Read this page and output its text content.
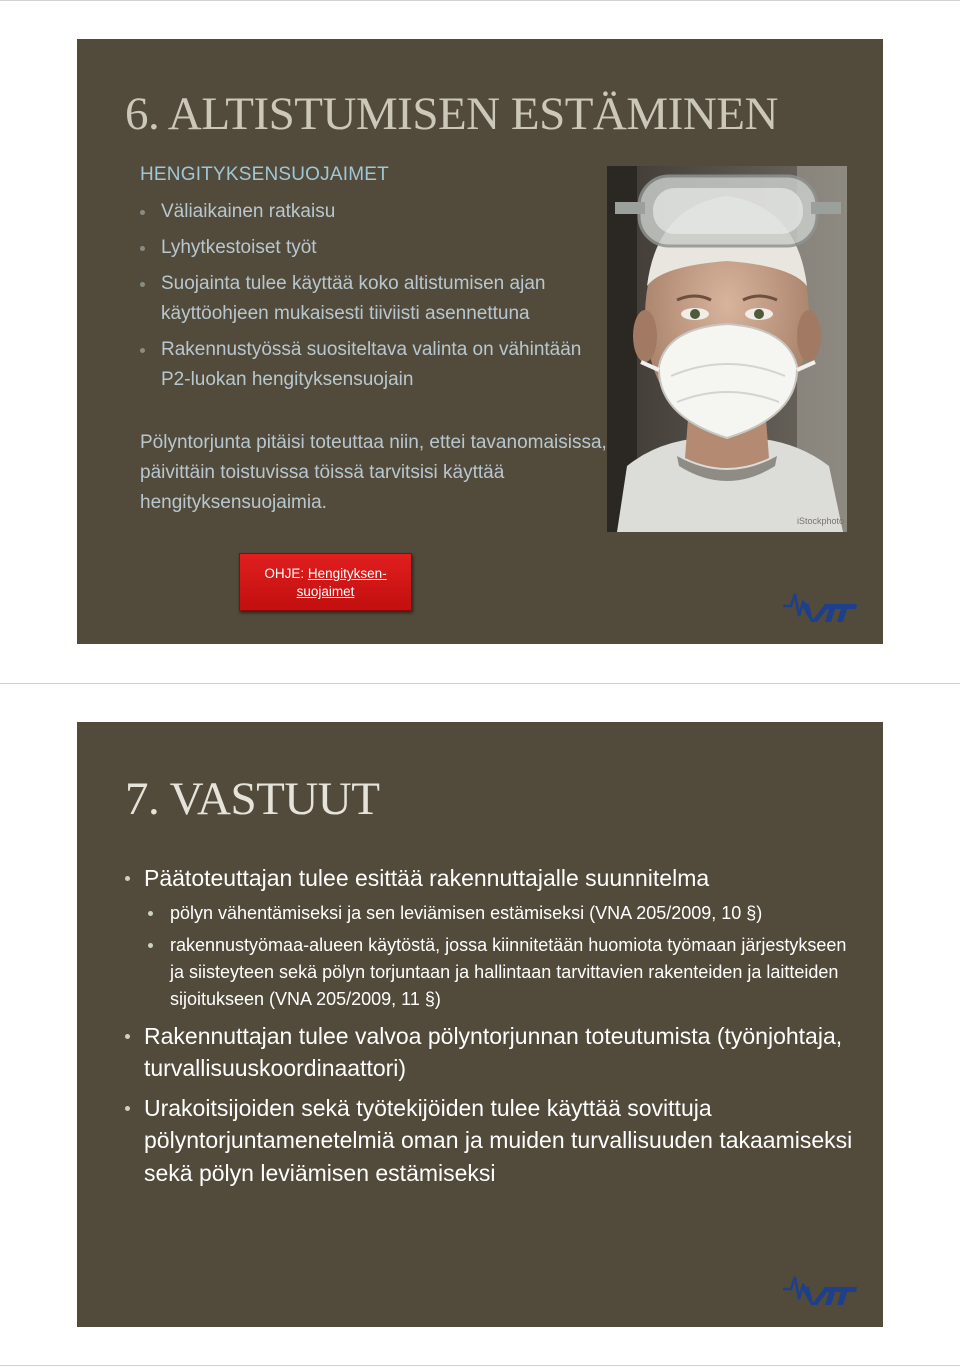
6. ALTISTUMISEN ESTÄMINEN
HENGITYKSENSUOJAIMET
Väliaikainen ratkaisu
Lyhytkestoiset työt
Suojainta tulee käyttää koko altistumisen ajan käyttöohjeen mukaisesti tiiviisti asennettuna
Rakennustyössä suositeltava valinta on vähintään P2-luokan hengityksensuojain

Pölyntorjunta pitäisi toteuttaa niin, ettei tavanomaisissa, päivittäin toistuvissa töissä tarvitsisi käyttää hengityksensuojaimia.

iStockphoto
OHJE: Hengityksen-
suojaimet
7. VASTUUT

Päätoteuttajan tulee esittää rakennuttajalle suunnitelma

pölyn vähentämiseksi ja sen leviämisen estämiseksi (VNA 205/2009, 10 §)

rakennustyömaa-alueen käytöstä, jossa kiinnitetään huomiota työmaan järjestykseen ja siisteyteen sekä pölyn torjuntaan ja hallintaan tarvittavien rakenteiden ja laitteiden sijoitukseen (VNA 205/2009, 11 §)

Rakennuttajan tulee valvoa pölyntorjunnan toteutumista (työnjohtaja, turvallisuuskoordinaattori)

Urakoitsijoiden sekä työtekijöiden tulee käyttää sovittuja pölyntorjuntamenetelmiä oman ja muiden turvallisuuden takaamiseksi sekä pölyn leviämisen estämiseksi
